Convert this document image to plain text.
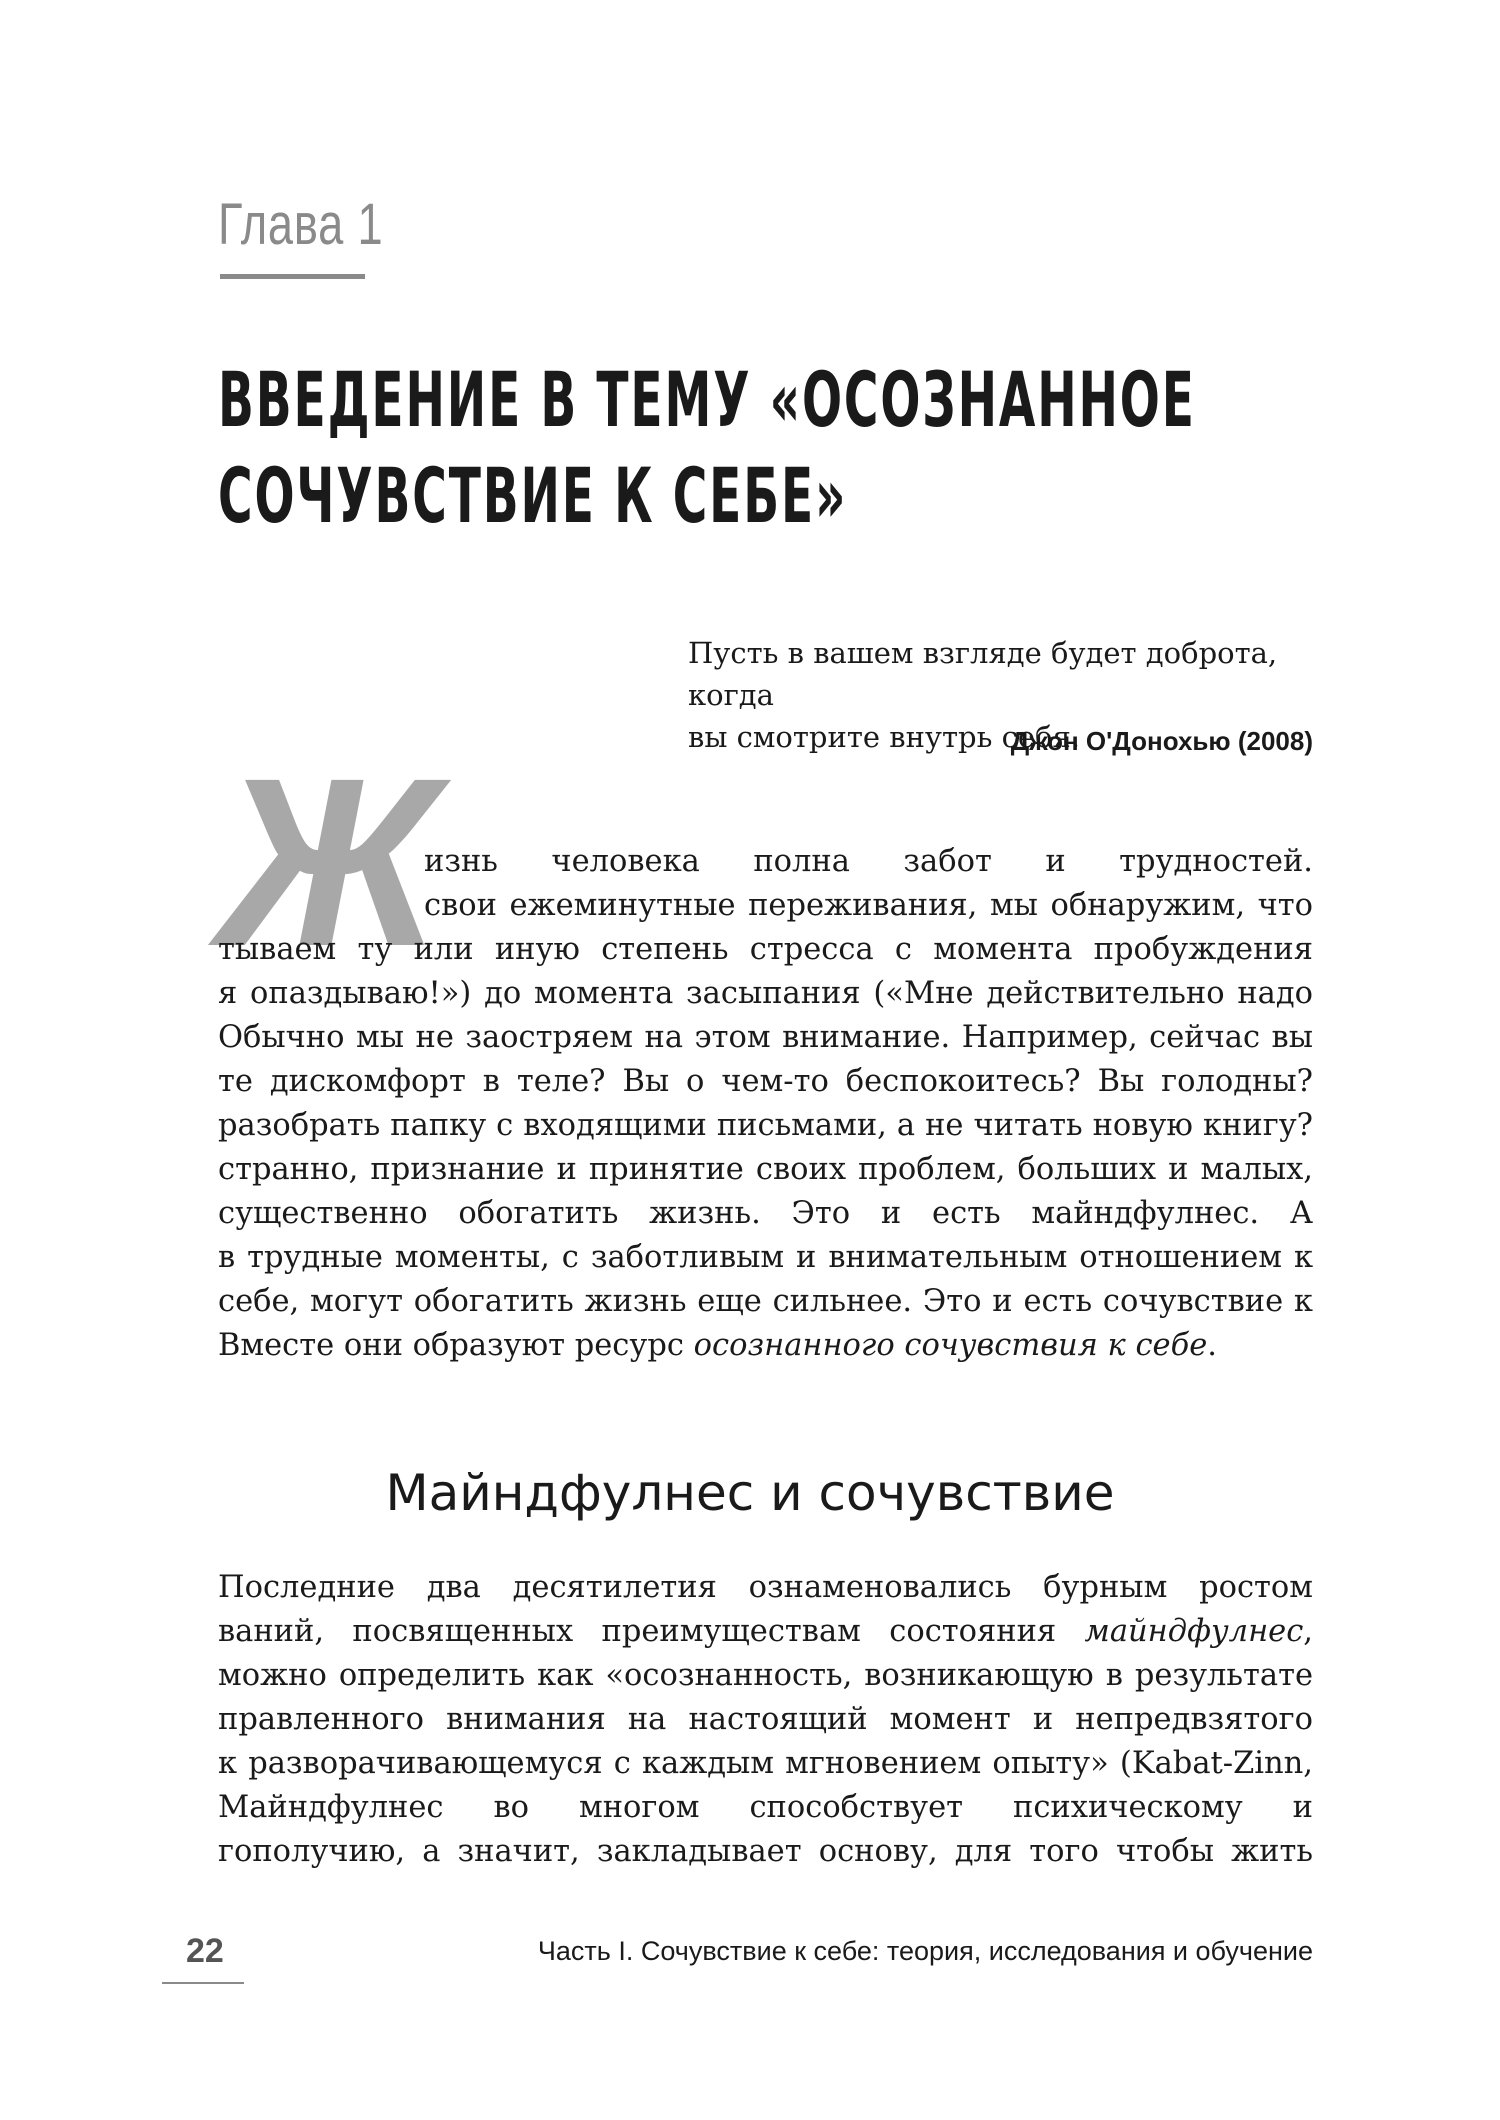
Глава 1
ВВЕДЕНИЕ В ТЕМУ «ОСОЗНАННОЕ
СОЧУВСТВИЕ К СЕБЕ»

Пусть в вашем взгляде будет доброта, когда

вы смотрите внутрь себя.

Джон О'Донохью (2008)
Ж
изнь человека полна забот и трудностей.
свои ежеминутные переживания, мы обнаружим, что
тываем ту или иную степень стресса с момента пробуждения
я опаздываю!») до момента засыпания («Мне действительно надо
Обычно мы не заостряем на этом внимание. Например, сейчас вы
те дискомфорт в теле? Вы о чем-то беспокоитесь? Вы голодны?
разобрать папку с входящими письмами, а не читать новую книгу?
странно, признание и принятие своих проблем, больших и малых,
существенно обогатить жизнь. Это и есть майндфулнес. А
в трудные моменты, с заботливым и внимательным отношением к
себе, могут обогатить жизнь еще сильнее. Это и есть сочувствие к
Вместе они образуют ресурс осознанного сочувствия к себе.
Майндфулнес и сочувствие
Последние два десятилетия ознаменовались бурным ростом
ваний, посвященных преимуществам состояния майндфулнес,
можно определить как «осознанность, возникающую в результате
правленного внимания на настоящий момент и непредвзятого
к разворачивающемуся с каждым мгновением опыту» (Kabat-Zinn,
Майндфулнес во многом способствует психическому и
гополучию, а значит, закладывает основу, для того чтобы жить
22	Часть I. Сочувствие к себе: теория, исследования и обучение
